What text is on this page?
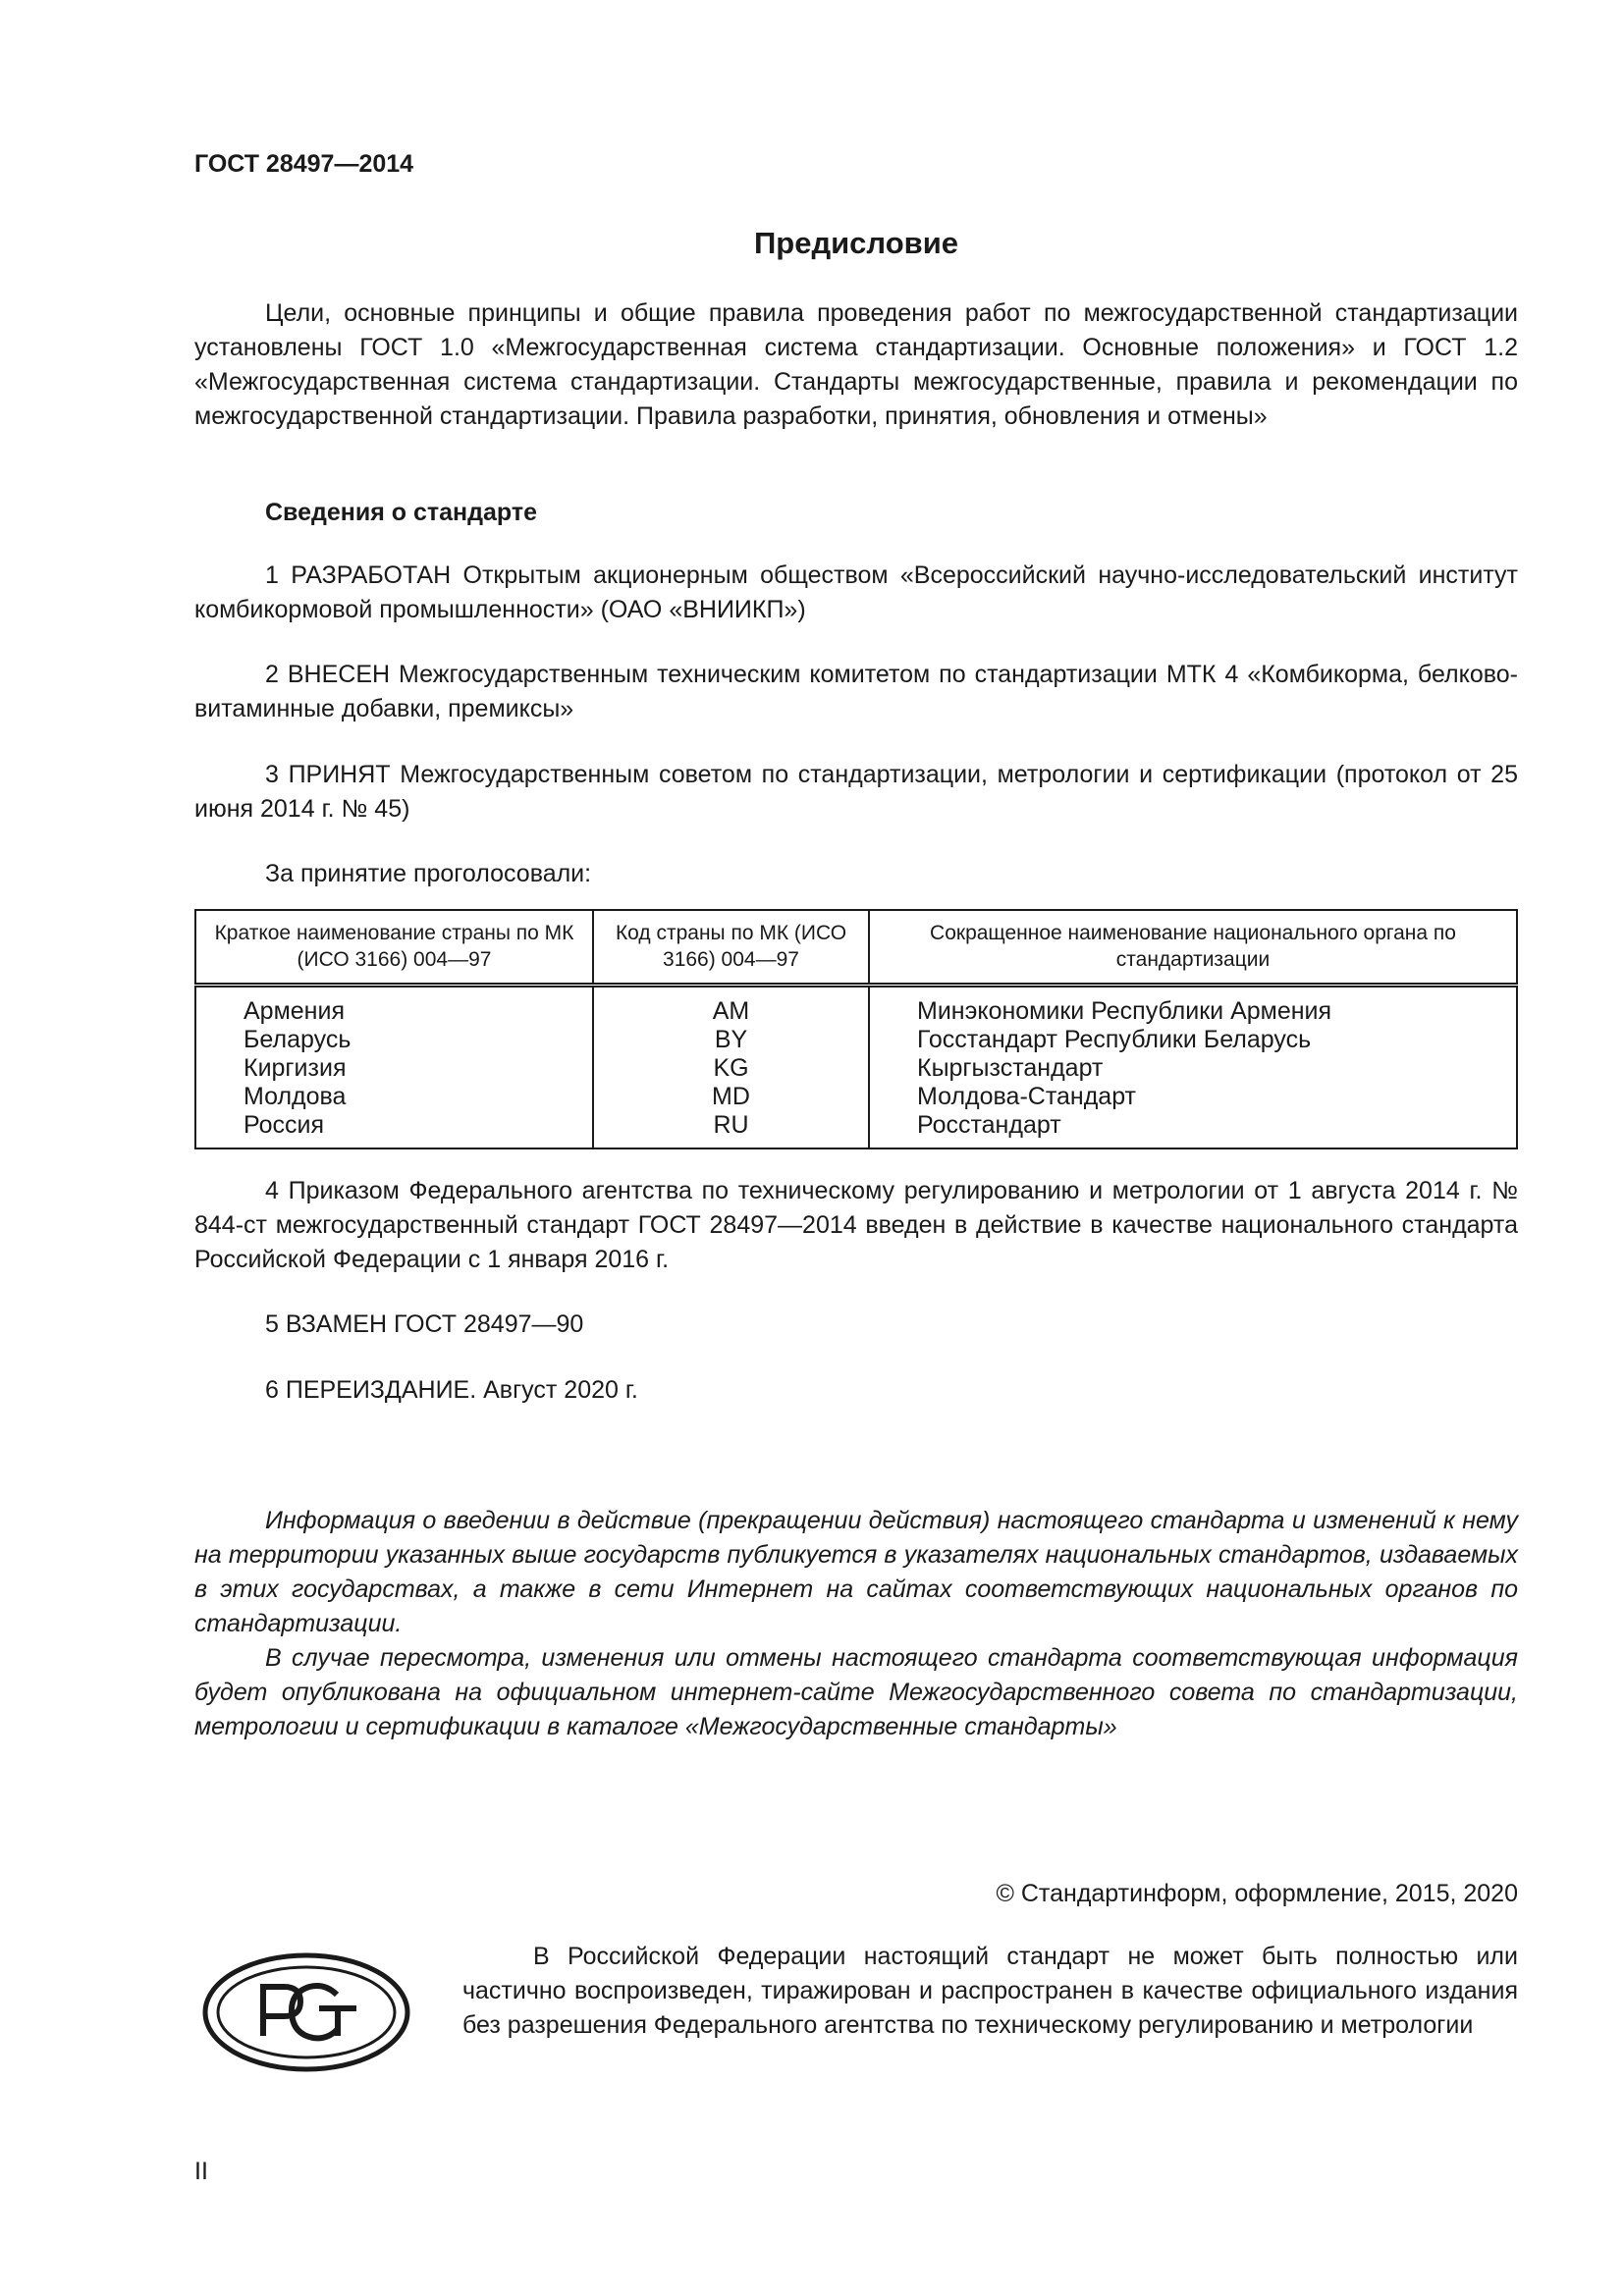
ГОСТ 28497—2014
Предисловие
Цели, основные принципы и общие правила проведения работ по межгосударственной стандартизации установлены ГОСТ 1.0 «Межгосударственная система стандартизации. Основные положения» и ГОСТ 1.2 «Межгосударственная система стандартизации. Стандарты межгосударственные, правила и рекомендации по межгосударственной стандартизации. Правила разработки, принятия, обновления и отмены»
Сведения о стандарте
1 РАЗРАБОТАН Открытым акционерным обществом «Всероссийский научно-исследовательский институт комбикормовой промышленности» (ОАО «ВНИИКП»)
2 ВНЕСЕН Межгосударственным техническим комитетом по стандартизации МТК 4 «Комбикорма, белково-витаминные добавки, премиксы»
3 ПРИНЯТ Межгосударственным советом по стандартизации, метрологии и сертификации (протокол от 25 июня 2014 г. № 45)
За принятие проголосовали:
Краткое наименование страны по МК (ИСО 3166) 004—97	Код страны по МК (ИСО 3166) 004—97	Сокращенное наименование национального органа по стандартизации
Армения	AM	Минэкономики Республики Армения
Беларусь	BY	Госстандарт Республики Беларусь
Киргизия	KG	Кыргызстандарт
Молдова	MD	Молдова-Стандарт
Россия	RU	Росстандарт
4 Приказом Федерального агентства по техническому регулированию и метрологии от 1 августа 2014 г. № 844-ст межгосударственный стандарт ГОСТ 28497—2014 введен в действие в качестве национального стандарта Российской Федерации с 1 января 2016 г.
5 ВЗАМЕН ГОСТ 28497—90
6 ПЕРЕИЗДАНИЕ. Август 2020 г.
Информация о введении в действие (прекращении действия) настоящего стандарта и изменений к нему на территории указанных выше государств публикуется в указателях национальных стандартов, издаваемых в этих государствах, а также в сети Интернет на сайтах соответствующих национальных органов по стандартизации.
В случае пересмотра, изменения или отмены настоящего стандарта соответствующая информация будет опубликована на официальном интернет-сайте Межгосударственного совета по стандартизации, метрологии и сертификации в каталоге «Межгосударственные стандарты»
© Стандартинформ, оформление, 2015, 2020
В Российской Федерации настоящий стандарт не может быть полностью или частично воспроизведен, тиражирован и распространен в качестве официального издания без разрешения Федерального агентства по техническому регулированию и метрологии
II
